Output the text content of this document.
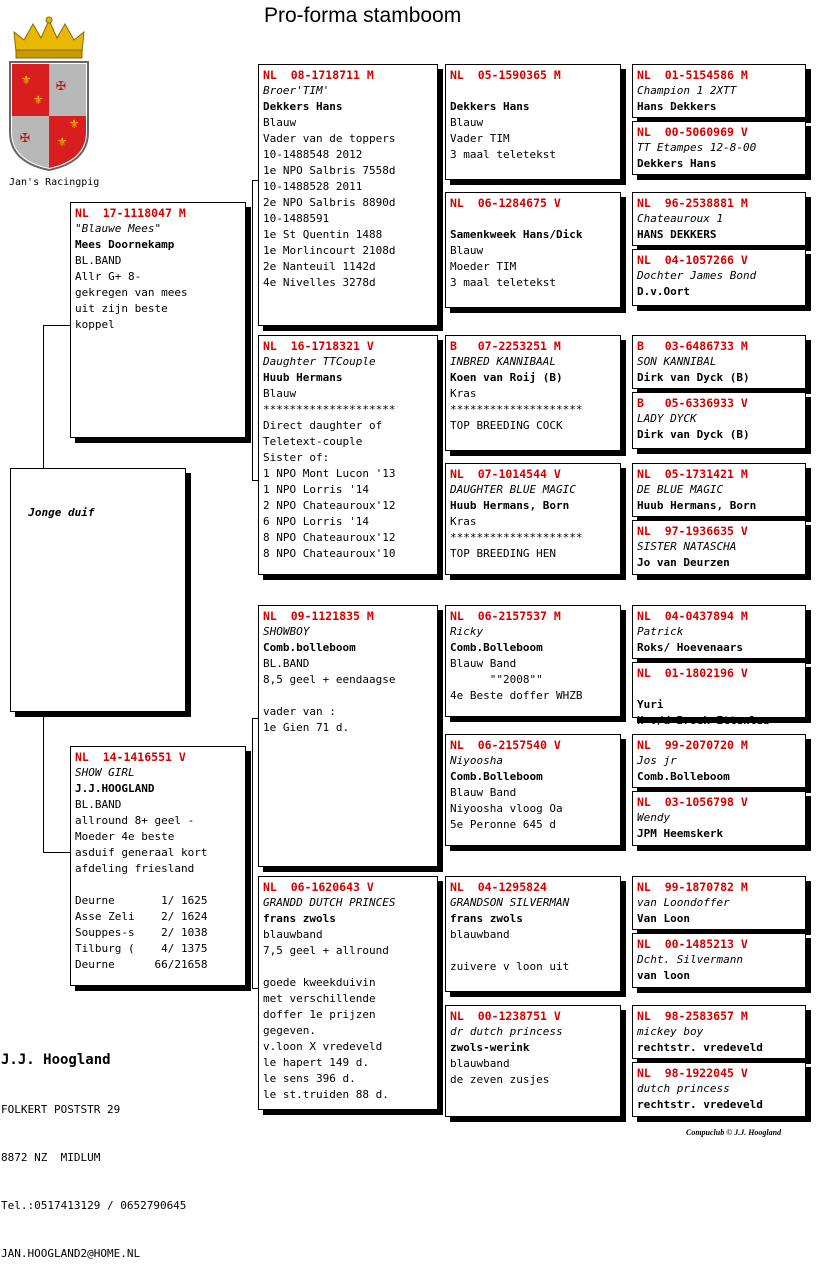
Pro-forma stamboom
⚜
⚜
⚜
⚜
✠
✠
Jan's Racingpig

Jonge duif

NL  17-1118047 M
"Blauwe Mees"
Mees Doornekamp
BL.BAND
Allr G+ 8-
gekregen van mees
uit zijn beste
koppel
NL  14-1416551 V
SHOW GIRL
J.J.HOOGLAND
BL.BAND
allround 8+ geel -
Moeder 4e beste
asduif generaal kort
afdeling friesland
Deurne       1/ 1625
Asse Zeli    2/ 1624
Souppes-s    2/ 1038
Tilburg (    4/ 1375
Deurne      66/21658
NL  08-1718711 M
Broer'TIM'
Dekkers Hans
Blauw
Vader van de toppers
10-1488548 2012
1e NPO Salbris 7558d
10-1488528 2011
2e NPO Salbris 8890d
10-1488591
1e St Quentin 1488
1e Morlincourt 2108d
2e Nanteuil 1142d
4e Nivelles 3278d
NL  16-1718321 V
Daughter TTCouple
Huub Hermans
Blauw
********************
Direct daughter of
Teletext-couple
Sister of:
1 NPO Mont Lucon '13
1 NPO Lorris '14
2 NPO Chateauroux'12
6 NPO Lorris '14
8 NPO Chateauroux'12
8 NPO Chateauroux'10
NL  09-1121835 M
SHOWBOY
Comb.bolleboom
BL.BAND
8,5 geel + eendaagse
vader van :
1e Gien 71 d.
NL  06-1620643 V
GRANDD DUTCH PRINCES
frans zwols
blauwband
7,5 geel + allround
goede kweekduivin
met verschillende
doffer 1e prijzen
gegeven.
v.loon X vredeveld
le hapert 149 d.
le sens 396 d.
le st.truiden 88 d.
NL  05-1590365 M
Dekkers Hans
Blauw
Vader TIM
3 maal teletekst
NL  06-1284675 V
Samenkweek Hans/Dick
Blauw
Moeder TIM
3 maal teletekst
B   07-2253251 M
INBRED KANNIBAAL
Koen van Roij (B)
Kras
********************
TOP BREEDING COCK
NL  07-1014544 V
DAUGHTER BLUE MAGIC
Huub Hermans, Born
Kras
********************
TOP BREEDING HEN
NL  06-2157537 M
Ricky
Comb.Bolleboom
Blauw Band
""2008""
4e Beste doffer WHZB
NL  06-2157540 V
Niyoosha
Comb.Bolleboom
Blauw Band
Niyoosha vloog Oa
5e Peronne 645 d
NL  04-1295824
GRANDSON SILVERMAN
frans zwols
blauwband
zuivere v loon uit
NL  00-1238751 V
dr dutch princess
zwols-werink
blauwband
de zeven zusjes
NL  01-5154586 M
Champion 1 2XTT
Hans Dekkers
NL  00-5060969 V
TT Etampes 12-8-00
Dekkers Hans
NL  96-2538881 M
Chateauroux 1
HANS DEKKERS
NL  04-1057266 V
Dochter James Bond
D.v.Oort
B   03-6486733 M
SON KANNIBAL
Dirk van Dyck (B)
B   05-6336933 V
LADY DYCK
Dirk van Dyck (B)
NL  05-1731421 M
DE BLUE MAGIC
Huub Hermans, Born
NL  97-1936635 V
SISTER NATASCHA
Jo van Deurzen
NL  04-0437894 M
Patrick
Roks/ Hoevenaars
NL  01-1802196 V
Yuri
H v/d Broek Ettenleu
NL  99-2070720 M
Jos jr
Comb.Bolleboom
NL  03-1056798 V
Wendy
JPM Heemskerk
NL  99-1870782 M
van Loondoffer
Van Loon
NL  00-1485213 V
Dcht. Silvermann
van loon
NL  98-2583657 M
mickey boy
rechtstr. vredeveld
NL  98-1922045 V
dutch princess
rechtstr. vredeveld

J.J. Hoogland

FOLKERT POSTSTR 29

8872 NZ  MIDLUM

Tel.:0517413129 / 0652790645

JAN.HOOGLAND2@HOME.NL

Compuclub © J.J. Hoogland
